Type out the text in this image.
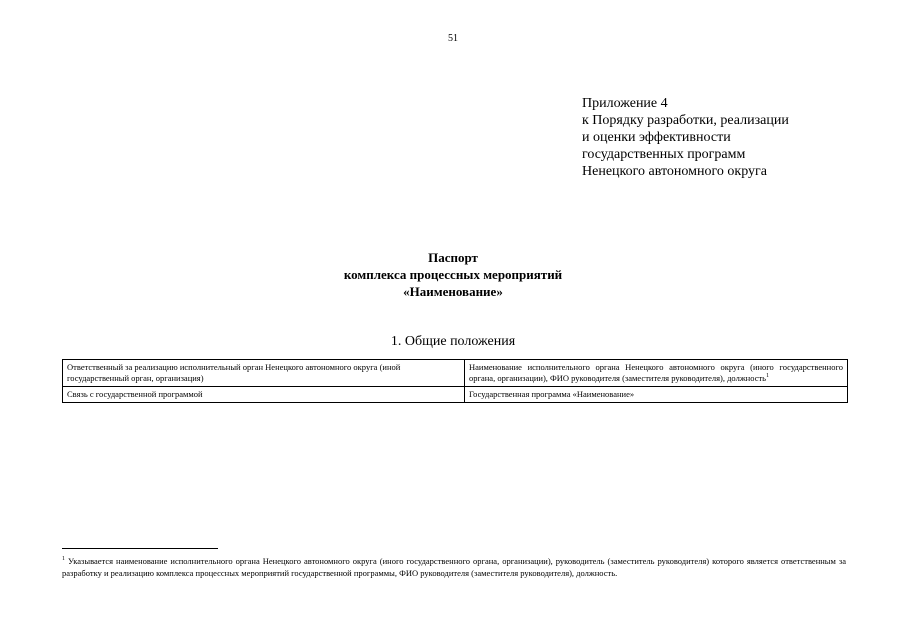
51
Приложение 4
к Порядку разработки, реализации
и оценки эффективности
государственных программ
Ненецкого автономного округа
Паспорт
комплекса процессных мероприятий
«Наименование»
1. Общие положения
Ответственный за реализацию исполнительный орган Ненецкого автономного округа (иной государственный орган, организация)	Наименование исполнительного органа Ненецкого автономного округа (иного государственного органа, организации), ФИО руководителя (заместителя руководителя), должность$^1$
Связь с государственной программой	Государственная программа «Наименование»
$^1$ Указывается наименование исполнительного органа Ненецкого автономного округа (иного государственного органа, организации), руководитель (заместитель руководителя) которого является ответственным за разработку и реализацию комплекса процессных мероприятий государственной программы, ФИО руководителя (заместителя руководителя), должность.
